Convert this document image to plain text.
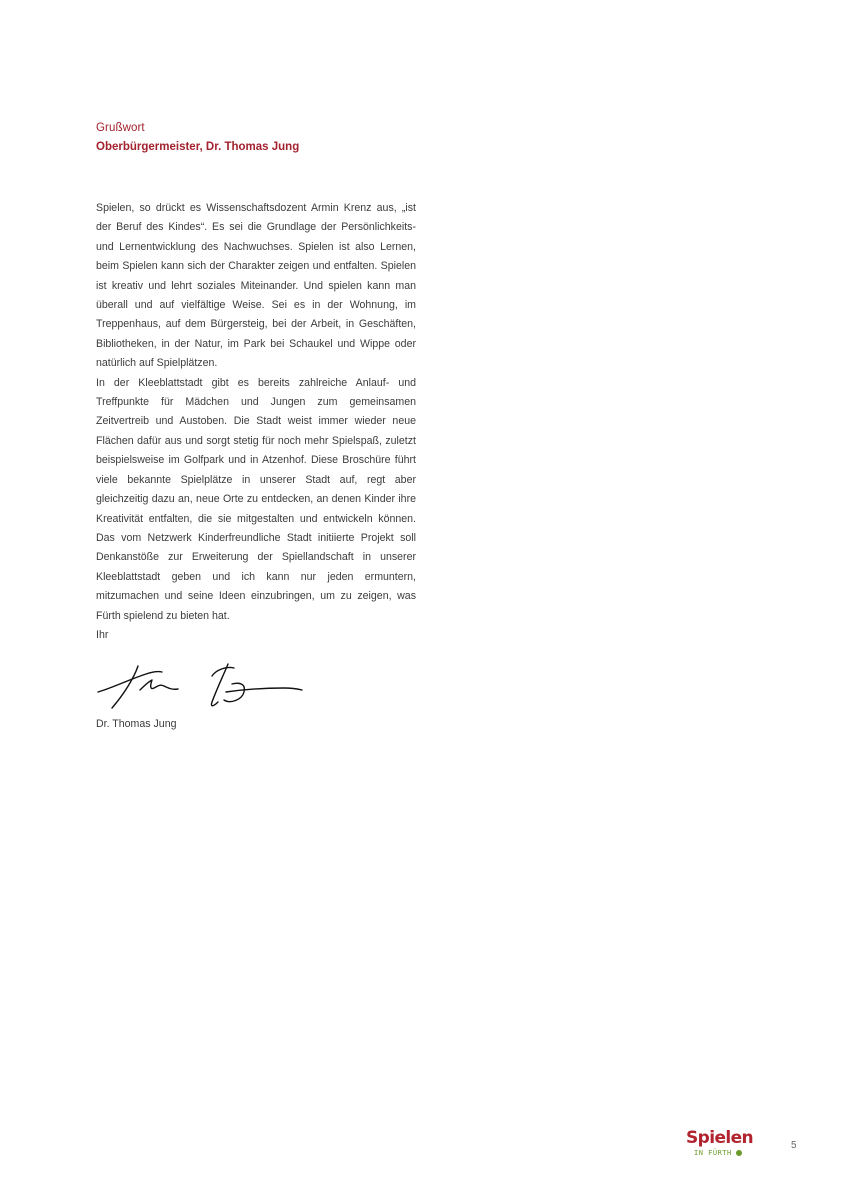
Grußwort
Oberbürgermeister, Dr. Thomas Jung

Spielen, so drückt es Wissenschaftsdozent Armin Krenz aus, „ist der Beruf des Kindes“. Es sei die Grundlage der Persönlichkeits- und Lernentwicklung des Nachwuchses. Spielen ist also Lernen, beim Spielen kann sich der Charakter zeigen und entfalten. Spielen ist kreativ und lehrt soziales Miteinander. Und spielen kann man überall und auf vielfältige Weise. Sei es in der Wohnung, im Treppenhaus, auf dem Bürgersteig, bei der Arbeit, in Geschäften, Bibliotheken, in der Natur, im Park bei Schaukel und Wippe oder natürlich auf Spielplätzen.

In der Kleeblattstadt gibt es bereits zahlreiche Anlauf- und Treffpunkte für Mädchen und Jungen zum gemeinsamen Zeitvertreib und Austoben. Die Stadt weist immer wieder neue Flächen dafür aus und sorgt stetig für noch mehr Spielspaß, zuletzt beispielsweise im Golfpark und in Atzenhof. Diese Broschüre führt viele bekannte Spielplätze in unserer Stadt auf, regt aber gleichzeitig dazu an, neue Orte zu entdecken, an denen Kinder ihre Kreativität entfalten, die sie mitgestalten und entwickeln können. Das vom Netzwerk Kinderfreundliche Stadt initiierte Projekt soll Denkanstöße zur Erweiterung der Spiellandschaft in unserer Kleeblattstadt geben und ich kann nur jeden ermuntern, mitzumachen und seine Ideen einzubringen, um zu zeigen, was Fürth spielend zu bieten hat.

Ihr
Dr. Thomas Jung
Spielen
IN FÜRTH
5
